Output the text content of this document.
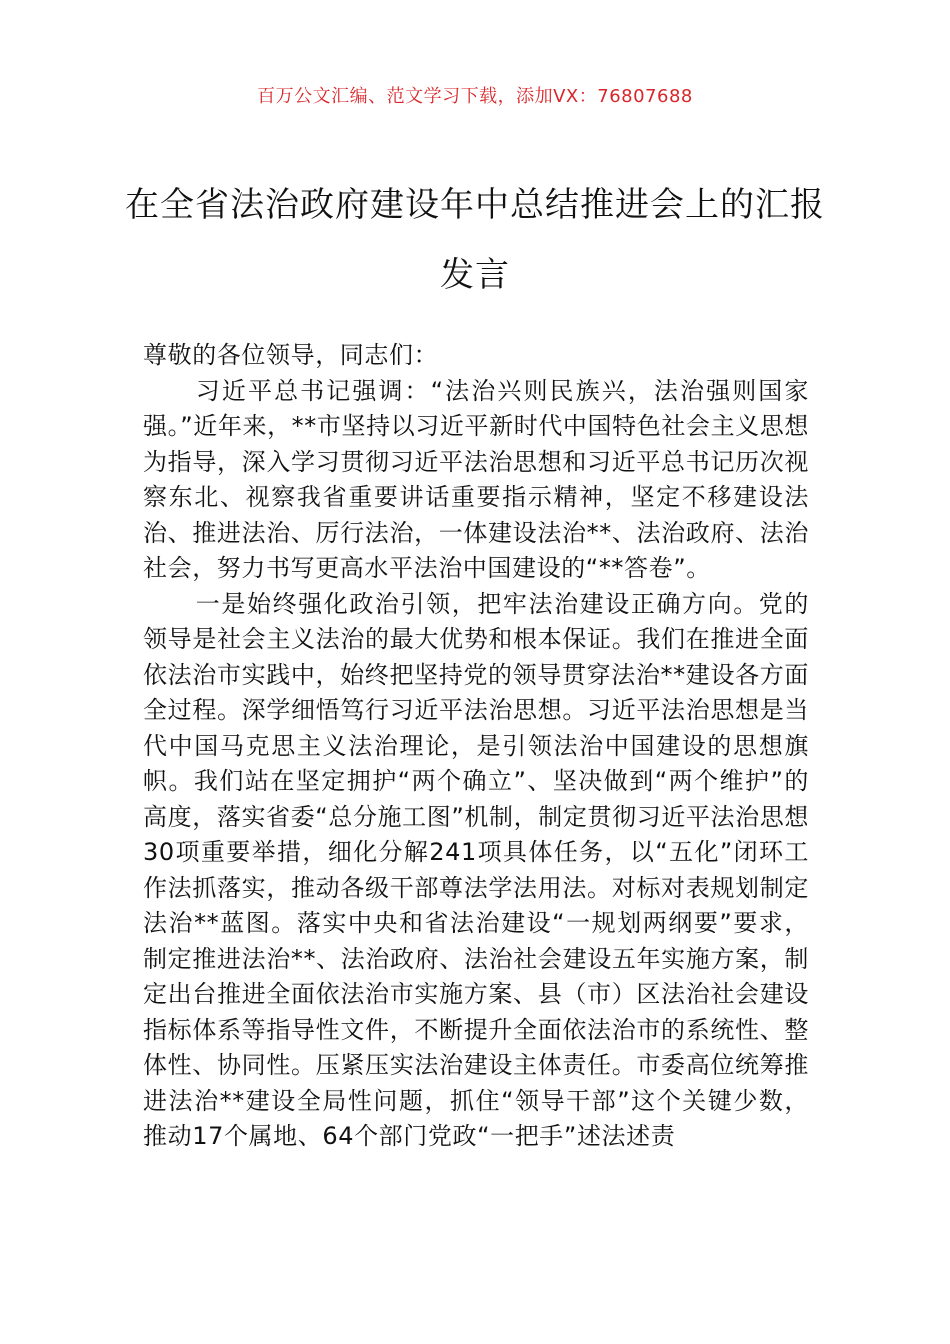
百万公文汇编、范文学习下载，添加VX：76807688
在全省法治政府建设年中总结推进会上的汇报发言

尊敬的各位领导，同志们：

习近平总书记强调：“法治兴则民族兴，法治强则国家强。”近年来，**市坚持以习近平新时代中国特色社会主义思想为指导，深入学习贯彻习近平法治思想和习近平总书记历次视察东北、视察我省重要讲话重要指示精神，坚定不移建设法治、推进法治、厉行法治，一体建设法治**、法治政府、法治社会，努力书写更高水平法治中国建设的“**答卷”。

一是始终强化政治引领，把牢法治建设正确方向。党的领导是社会主义法治的最大优势和根本保证。我们在推进全面依法治市实践中，始终把坚持党的领导贯穿法治**建设各方面全过程。深学细悟笃行习近平法治思想。习近平法治思想是当代中国马克思主义法治理论，是引领法治中国建设的思想旗帜。我们站在坚定拥护“两个确立”、坚决做到“两个维护”的高度，落实省委“总分施工图”机制，制定贯彻习近平法治思想30项重要举措，细化分解241项具体任务，以“五化”闭环工作法抓落实，推动各级干部尊法学法用法。对标对表规划制定法治**蓝图。落实中央和省法治建设“一规划两纲要”要求，制定推进法治**、法治政府、法治社会建设五年实施方案，制定出台推进全面依法治市实施方案、县（市）区法治社会建设指标体系等指导性文件，不断提升全面依法治市的系统性、整体性、协同性。压紧压实法治建设主体责任。市委高位统筹推进法治**建设全局性问题，抓住“领导干部”这个关键少数，推动17个属地、64个部门党政“一把手”述法述责
